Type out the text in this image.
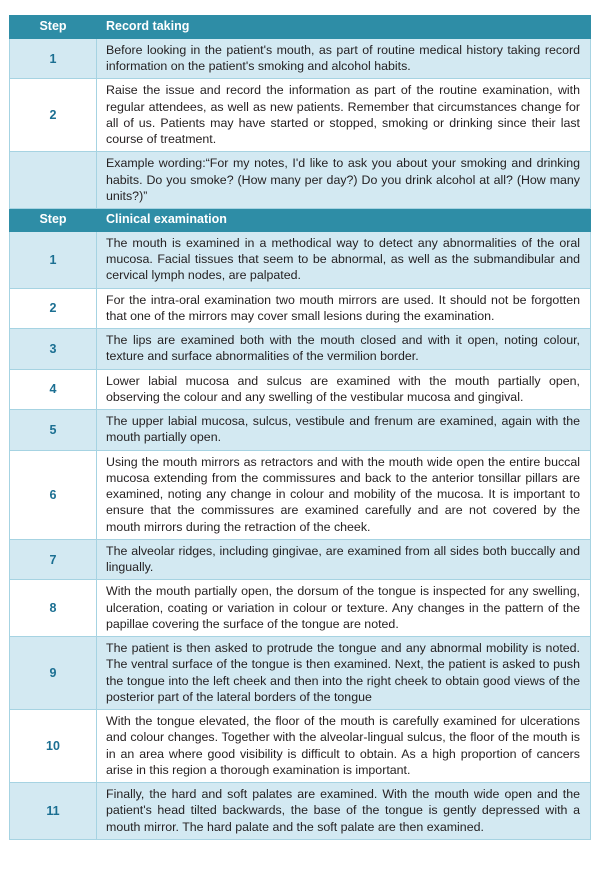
Step	Record taking
1	Before looking in the patient's mouth, as part of routine medical history taking record information on the patient's smoking and alcohol habits.
2	Raise the issue and record the information as part of the routine examination, with regular attendees, as well as new patients. Remember that circumstances change for all of us. Patients may have started or stopped, smoking or drinking since their last course of treatment.
	Example wording:“For my notes, I'd like to ask you about your smoking and drinking habits. Do you smoke? (How many per day?) Do you drink alcohol at all? (How many units?)”
Step	Clinical examination
1	The mouth is examined in a methodical way to detect any abnormalities of the oral mucosa. Facial tissues that seem to be abnormal, as well as the submandibular and cervical lymph nodes, are palpated.
2	For the intra-oral examination two mouth mirrors are used. It should not be forgotten that one of the mirrors may cover small lesions during the examination.
3	The lips are examined both with the mouth closed and with it open, noting colour, texture and surface abnormalities of the vermilion border.
4	Lower labial mucosa and sulcus are examined with the mouth partially open, observing the colour and any swelling of the vestibular mucosa and gingival.
5	The upper labial mucosa, sulcus, vestibule and frenum are examined, again with the mouth partially open.
6	Using the mouth mirrors as retractors and with the mouth wide open the entire buccal mucosa extending from the commissures and back to the anterior tonsillar pillars are examined, noting any change in colour and mobility of the mucosa. It is important to ensure that the commissures are examined carefully and are not covered by the mouth mirrors during the retraction of the cheek.
7	The alveolar ridges, including gingivae, are examined from all sides both buccally and lingually.
8	With the mouth partially open, the dorsum of the tongue is inspected for any swelling, ulceration, coating or variation in colour or texture. Any changes in the pattern of the papillae covering the surface of the tongue are noted.
9	The patient is then asked to protrude the tongue and any abnormal mobility is noted. The ventral surface of the tongue is then examined. Next, the patient is asked to push the tongue into the left cheek and then into the right cheek to obtain good views of the posterior part of the lateral borders of the tongue
10	With the tongue elevated, the floor of the mouth is carefully examined for ulcerations and colour changes. Together with the alveolar-lingual sulcus, the floor of the mouth is in an area where good visibility is difficult to obtain. As a high proportion of cancers arise in this region a thorough examination is important.
11	Finally, the hard and soft palates are examined. With the mouth wide open and the patient's head tilted backwards, the base of the tongue is gently depressed with a mouth mirror. The hard palate and the soft palate are then examined.
